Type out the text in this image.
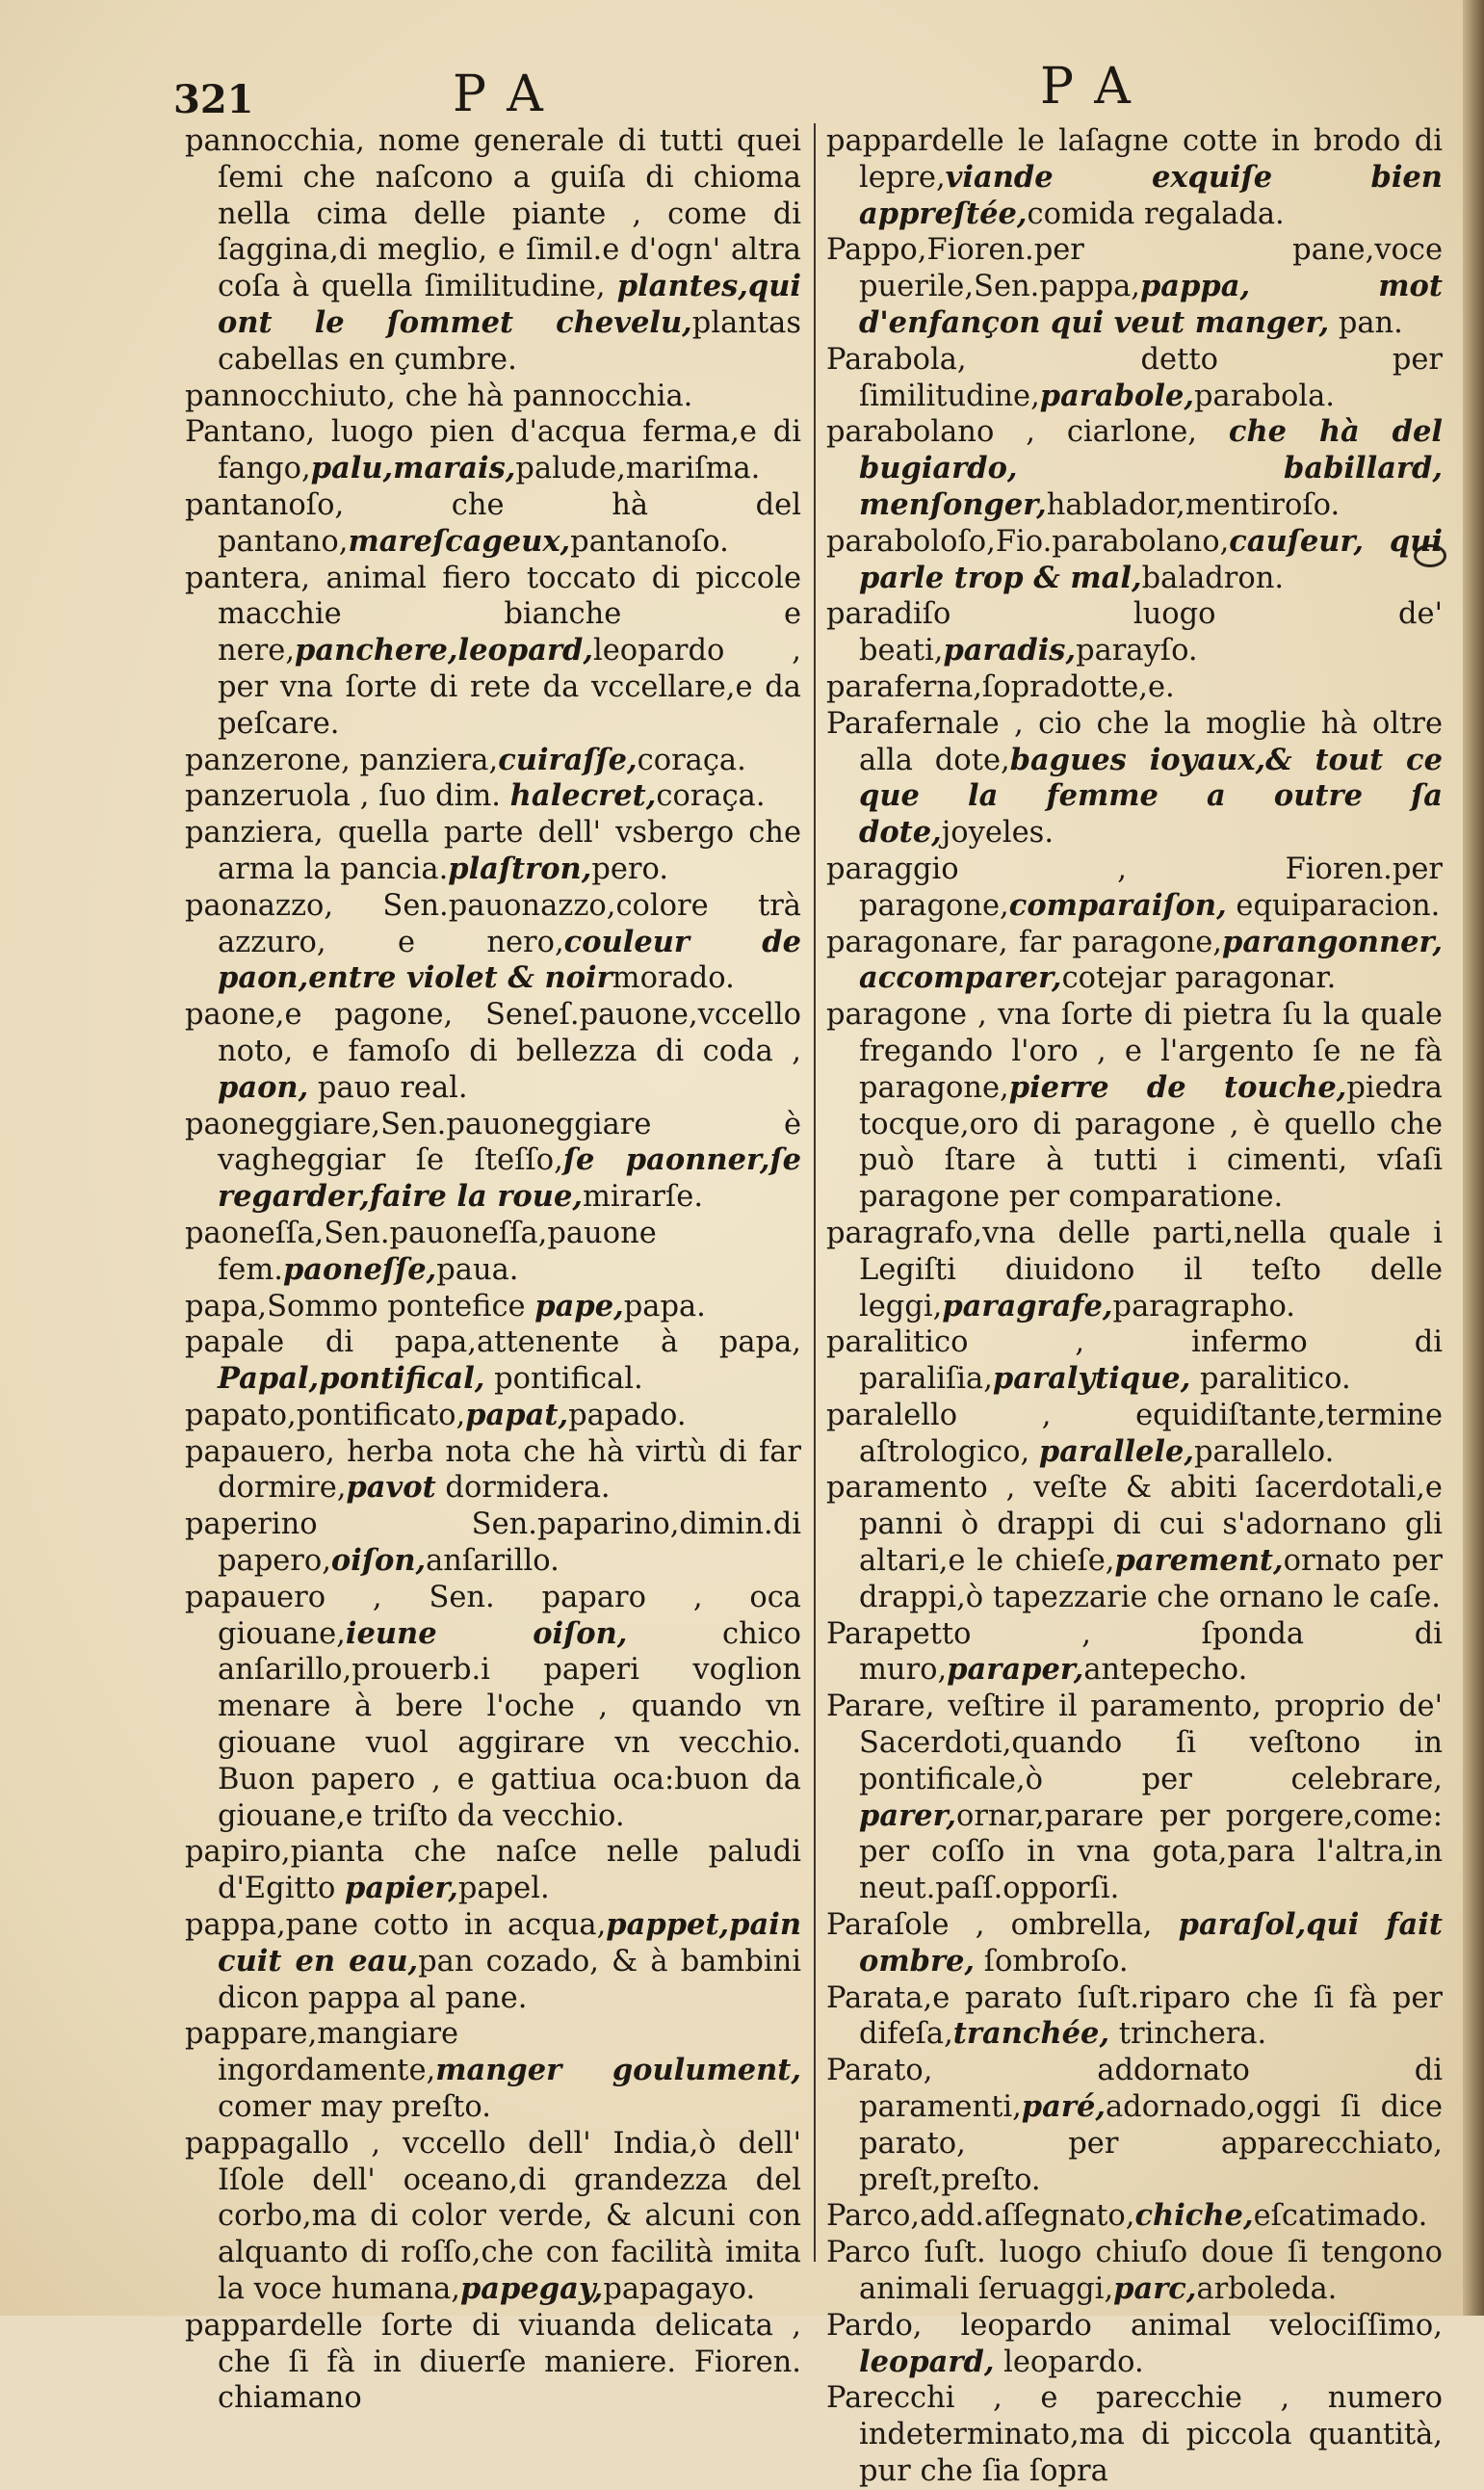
321	PA	PA

pannocchia, nome generale di tutti quei ſemi che naſcono a guiſa di chioma nella cima delle piante , come di ſaggina,di meglio, e ſimil.e d'ogn' altra coſa à quella ſimilitudine, plantes,qui ont le ſommet chevelu,plantas cabellas en çumbre.

pannocchiuto, che hà pannocchia.

Pantano, luogo pien d'acqua ferma,e di fango,palu,marais,palude,mariſma.

pantanoſo, che hà del pantano,mareſcageux,pantanoſo.

pantera, animal fiero toccato di piccole macchie bianche e nere,panchere,leopard,leopardo , per vna ſorte di rete da vccellare,e da peſcare.

panzerone, panziera,cuiraſſe,coraça.

panzeruola , ſuo dim. halecret,coraça.

panziera, quella parte dell' vsbergo che arma la pancia.plaſtron,pero.

paonazzo, Sen.pauonazzo,colore trà azzuro, e nero,couleur de paon,entre violet & noirmorado.

paone,e pagone, Seneſ.pauone,vccello noto, e famoſo di bellezza di coda , paon, pauo real.

paoneggiare,Sen.pauoneggiare è vagheggiar ſe ſteſſo,ſe paonner,ſe regarder,faire la roue,mirarſe.

paoneſſa,Sen.pauoneſſa,pauone fem.paoneſſe,paua.

papa,Sommo pontefice pape,papa.

papale di papa,attenente à papa, Papal,pontifical, pontifical.

papato,pontificato,papat,papado.

papauero, herba nota che hà virtù di far dormire,pavot dormidera.

paperino Sen.paparino,dimin.di papero,oiſon,anſarillo.

papauero , Sen. paparo , oca giouane,ieune oiſon, chico anſarillo,prouerb.i paperi voglion menare à bere l'oche , quando vn giouane vuol aggirare vn vecchio. Buon papero , e gattiua oca:buon da giouane,e triſto da vecchio.

papiro,pianta che naſce nelle paludi d'Egitto papier,papel.

pappa,pane cotto in acqua,pappet,pain cuit en eau,pan cozado, & à bambini dicon pappa al pane.

pappare,mangiare ingordamente,manger goulument, comer may preſto.

pappagallo , vccello dell' India,ò dell' Iſole dell' oceano,di grandezza del corbo,ma di color verde, & alcuni con alquanto di roſſo,che con facilità imita la voce humana,papegay,papagayo.

pappardelle ſorte di viuanda delicata , che ſi fà in diuerſe maniere. Fioren. chiamano

pappardelle le laſagne cotte in brodo di lepre,viande exquiſe bien appreſtée,comida regalada.

Pappo,Fioren.per pane,voce puerile,Sen.pappa,pappa, mot d'enfançon qui veut manger, pan.

Parabola, detto per ſimilitudine,parabole,parabola.

parabolano , ciarlone, che hà del bugiardo, babillard, menſonger,hablador,mentiroſo.

paraboloſo,Fio.parabolano,cauſeur, qui parle trop & mal,baladron.

paradiſo luogo de' beati,paradis,parayſo.

paraferna,ſopradotte,e.

Parafernale , cio che la moglie hà oltre alla dote,bagues ioyaux,& tout ce que la femme a outre ſa dote,joyeles.

paraggio , Fioren.per paragone,comparaiſon, equiparacion.

paragonare, far paragone,parangonner, accomparer,cotejar paragonar.

paragone , vna ſorte di pietra ſu la quale fregando l'oro , e l'argento ſe ne fà paragone,pierre de touche,piedra tocque,oro di paragone , è quello che può ſtare à tutti i cimenti, vſaſi paragone per comparatione.

paragrafo,vna delle parti,nella quale i Legiſti diuidono il teſto delle leggi,paragrafe,paragrapho.

paralitico , infermo di paraliſia,paralytique, paralitico.

paralello , equidiſtante,termine aſtrologico, parallele,parallelo.

paramento , veſte & abiti ſacerdotali,e panni ò drappi di cui s'adornano gli altari,e le chieſe,parement,ornato per drappi,ò tapezzarie che ornano le caſe.

Parapetto , ſponda di muro,paraper,antepecho.

Parare, veſtire il paramento, proprio de' Sacerdoti,quando ſi veſtono in pontificale,ò per celebrare, parer,ornar,parare per porgere,come: per coſſo in vna gota,para l'altra,in neut.paſſ.opporſi.

Paraſole , ombrella, paraſol,qui fait ombre, ſombroſo.

Parata,e parato ſuſt.riparo che ſi fà per difeſa,tranchée, trinchera.

Parato, addornato di paramenti,paré,adornado,oggi ſi dice parato, per apparecchiato, preſt,preſto.

Parco,add.aſſegnato,chiche,eſcatimado.

Parco ſuſt. luogo chiuſo doue ſi tengono animali ſeruaggi,parc,arboleda.

Pardo, leopardo animal velociſſimo, leopard, leopardo.

Parecchi , e parecchie , numero indeterminato,ma di piccola quantità, pur che ſia ſopra
